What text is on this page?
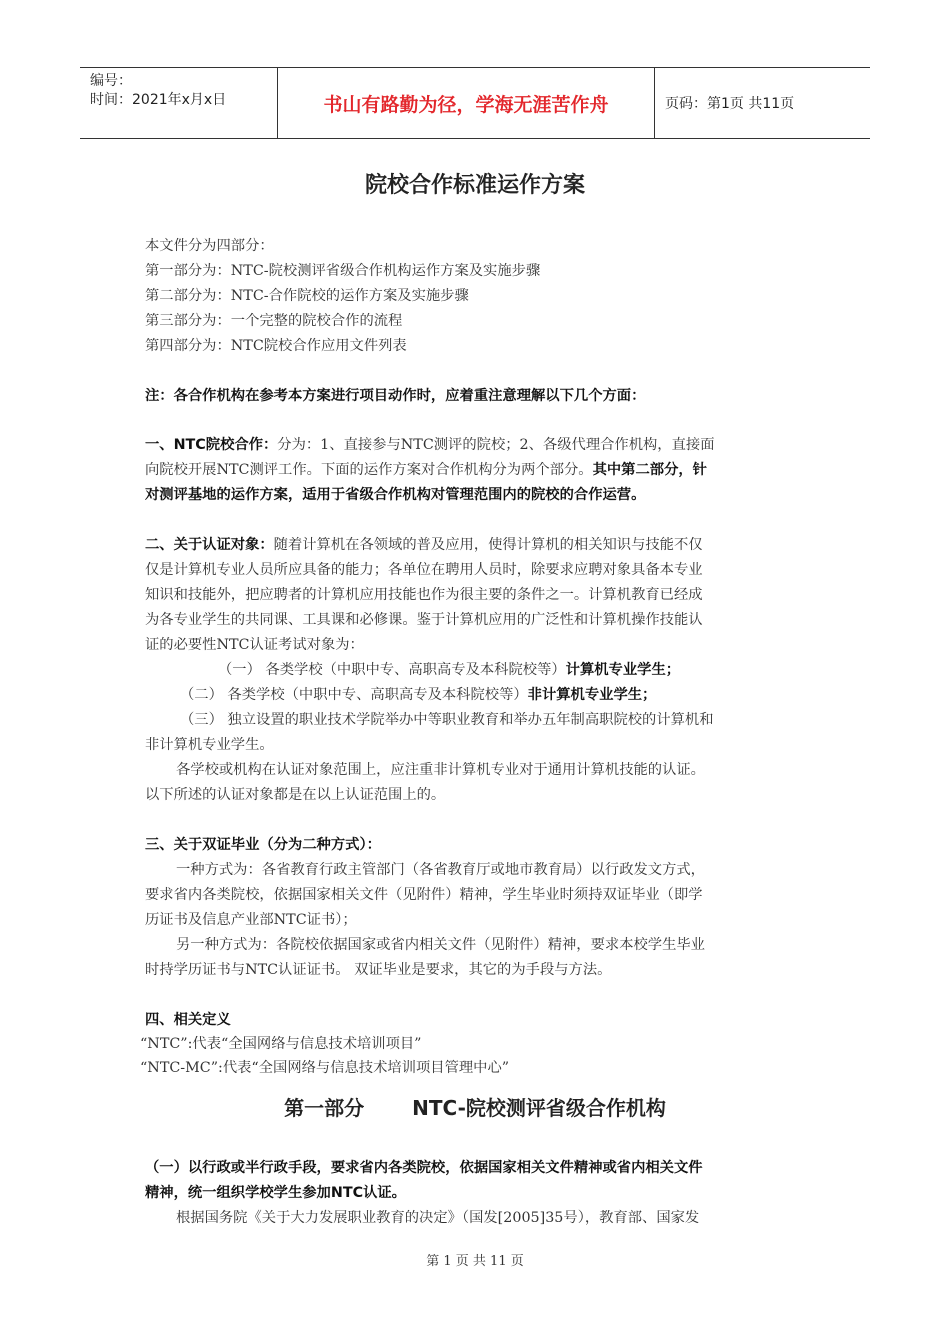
编号：
时间：2021年x月x日	书山有路勤为径，学海无涯苦作舟	页码：第1页 共11页
院校合作标准运作方案
本文件分为四部分：
第一部分为：NTC-院校测评省级合作机构运作方案及实施步骤
第二部分为：NTC-合作院校的运作方案及实施步骤
第三部分为：一个完整的院校合作的流程
第四部分为：NTC院校合作应用文件列表
注：各合作机构在参考本方案进行项目动作时，应着重注意理解以下几个方面：
一、NTC院校合作：分为：1、直接参与NTC测评的院校；2、各级代理合作机构，直接面
向院校开展NTC测评工作。下面的运作方案对合作机构分为两个部分。其中第二部分，针
对测评基地的运作方案，适用于省级合作机构对管理范围内的院校的合作运营。
二、关于认证对象：随着计算机在各领域的普及应用，使得计算机的相关知识与技能不仅
仅是计算机专业人员所应具备的能力；各单位在聘用人员时，除要求应聘对象具备本专业
知识和技能外，把应聘者的计算机应用技能也作为很主要的条件之一。计算机教育已经成
为各专业学生的共同课、工具课和必修课。鉴于计算机应用的广泛性和计算机操作技能认
证的必要性NTC认证考试对象为：
（一） 各类学校（中职中专、高职高专及本科院校等）计算机专业学生；
（二） 各类学校（中职中专、高职高专及本科院校等）非计算机专业学生；
（三） 独立设置的职业技术学院举办中等职业教育和举办五年制高职院校的计算机和
非计算机专业学生。
各学校或机构在认证对象范围上，应注重非计算机专业对于通用计算机技能的认证。
以下所述的认证对象都是在以上认证范围上的。
三、关于双证毕业（分为二种方式）：
一种方式为：各省教育行政主管部门（各省教育厅或地市教育局）以行政发文方式，
要求省内各类院校，依据国家相关文件（见附件）精神，学生毕业时须持双证毕业（即学
历证书及信息产业部NTC证书）；
另一种方式为：各院校依据国家或省内相关文件（见附件）精神，要求本校学生毕业
时持学历证书与NTC认证证书。 双证毕业是要求，其它的为手段与方法。
四、相关定义
“NTC”:代表“全国网络与信息技术培训项目”
“NTC-MC”:代表“全国网络与信息技术培训项目管理中心”
第一部分 NTC-院校测评省级合作机构
（一）以行政或半行政手段，要求省内各类院校，依据国家相关文件精神或省内相关文件
精神，统一组织学校学生参加NTC认证。
根据国务院《关于大力发展职业教育的决定》（国发[2005]35号），教育部、国家发
第 1 页 共 11 页
